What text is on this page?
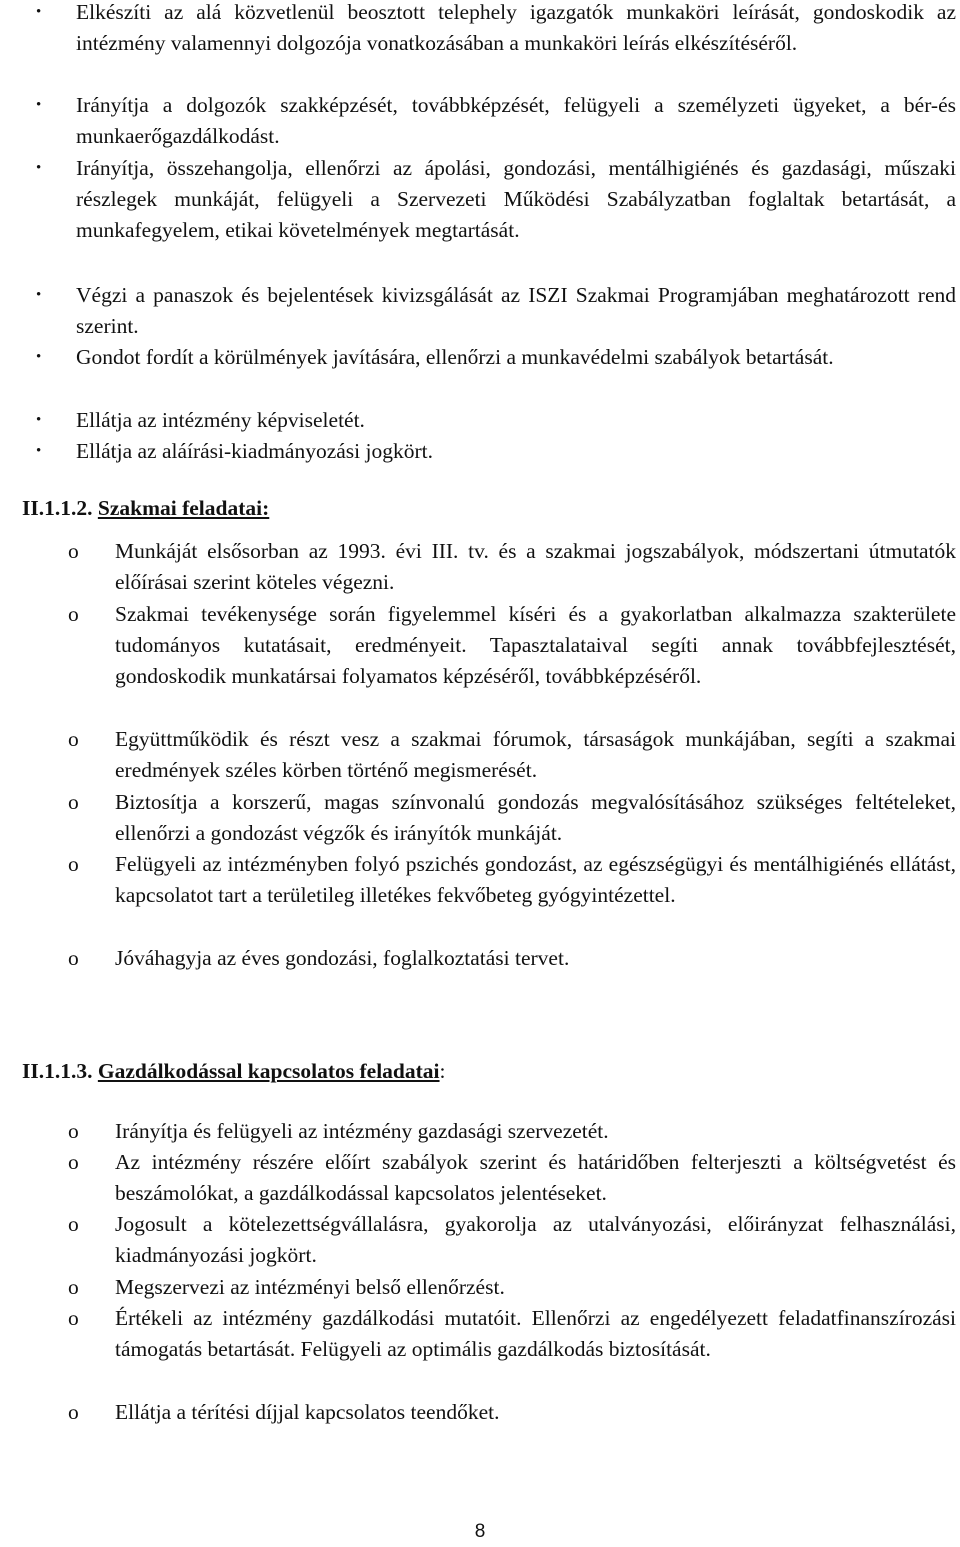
• Elkészíti az alá közvetlenül beosztott telephely igazgatók munkaköri leírását, gondoskodik az intézmény valamennyi dolgozója vonatkozásában a munkaköri leírás elkészítéséről.
• Irányítja a dolgozók szakképzését, továbbképzését, felügyeli a személyzeti ügyeket, a bér-és munkaerőgazdálkodást.
• Irányítja, összehangolja, ellenőrzi az ápolási, gondozási, mentálhigiénés és gazdasági, műszaki részlegek munkáját, felügyeli a Szervezeti Működési Szabályzatban foglaltak betartását, a munkafegyelem, etikai követelmények megtartását.
• Végzi a panaszok és bejelentések kivizsgálását az ISZI Szakmai Programjában meghatározott rend szerint.
• Gondot fordít a körülmények javítására, ellenőrzi a munkavédelmi szabályok betartását.
• Ellátja az intézmény képviseletét.
• Ellátja az aláírási-kiadmányozási jogkört.
II.1.1.2. Szakmai feladatai:
o Munkáját elsősorban az 1993. évi III. tv. és a szakmai jogszabályok, módszertani útmutatók előírásai szerint köteles végezni.
o Szakmai tevékenysége során figyelemmel kíséri és a gyakorlatban alkalmazza szakterülete tudományos kutatásait, eredményeit. Tapasztalataival segíti annak továbbfejlesztését, gondoskodik munkatársai folyamatos képzéséről, továbbképzéséről.
o Együttműködik és részt vesz a szakmai fórumok, társaságok munkájában, segíti a szakmai eredmények széles körben történő megismerését.
o Biztosítja a korszerű, magas színvonalú gondozás megvalósításához szükséges feltételeket, ellenőrzi a gondozást végzők és irányítók munkáját.
o Felügyeli az intézményben folyó pszichés gondozást, az egészségügyi és mentálhigiénés ellátást, kapcsolatot tart a területileg illetékes fekvőbeteg gyógyintézettel.
o Jóváhagyja az éves gondozási, foglalkoztatási tervet.
II.1.1.3. Gazdálkodással kapcsolatos feladatai:
o Irányítja és felügyeli az intézmény gazdasági szervezetét.
o Az intézmény részére előírt szabályok szerint és határidőben felterjeszti a költségvetést és beszámolókat, a gazdálkodással kapcsolatos jelentéseket.
o Jogosult a kötelezettségvállalásra, gyakorolja az utalványozási, előirányzat felhasználási, kiadmányozási jogkört.
o Megszervezi az intézményi belső ellenőrzést.
o Értékeli az intézmény gazdálkodási mutatóit. Ellenőrzi az engedélyezett feladatfinanszírozási támogatás betartását. Felügyeli az optimális gazdálkodás biztosítását.
o Ellátja a térítési díjjal kapcsolatos teendőket.
8
